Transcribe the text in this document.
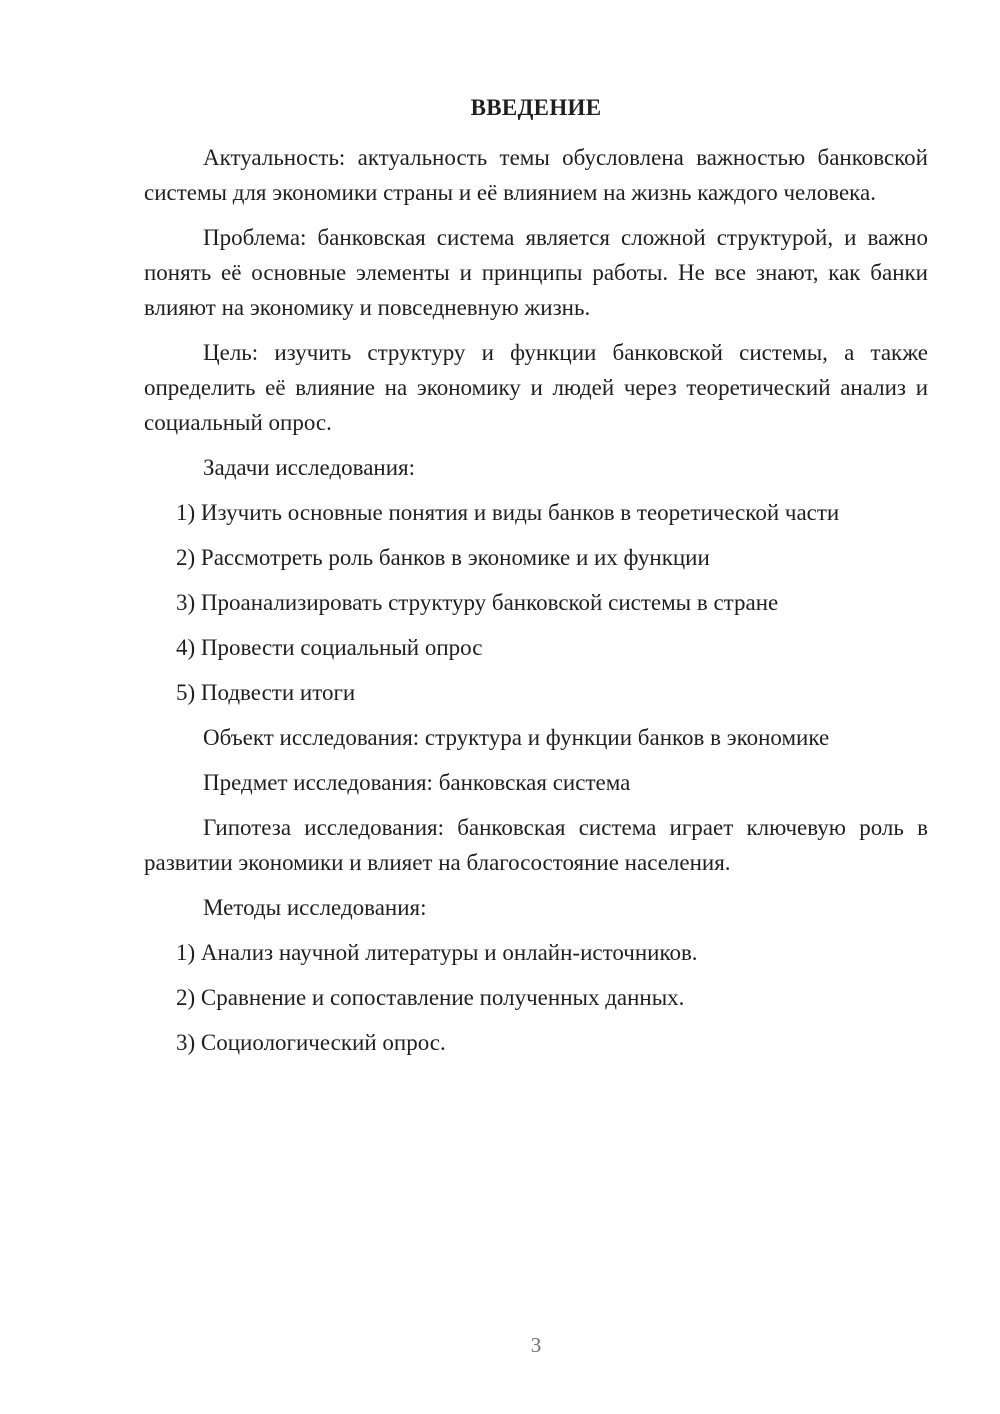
ВВЕДЕНИЕ

Актуальность: актуальность темы обусловлена важностью банковской системы для экономики страны и её влиянием на жизнь каждого человека.

Проблема: банковская система является сложной структурой, и важно понять её основные элементы и принципы работы. Не все знают, как банки влияют на экономику и повседневную жизнь.

Цель: изучить структуру и функции банковской системы, а также определить её влияние на экономику и людей через теоретический анализ и социальный опрос.

Задачи исследования:

1) Изучить основные понятия и виды банков в теоретической части

2) Рассмотреть роль банков в экономике и их функции

3) Проанализировать структуру банковской системы в стране

4) Провести социальный опрос

5) Подвести итоги

Объект исследования: структура и функции банков в экономике

Предмет исследования: банковская система

Гипотеза исследования: банковская система играет ключевую роль в развитии экономики и влияет на благосостояние населения.

Методы исследования:

1) Анализ научной литературы и онлайн-источников.

2) Сравнение и сопоставление полученных данных.

3) Социологический опрос.

3
